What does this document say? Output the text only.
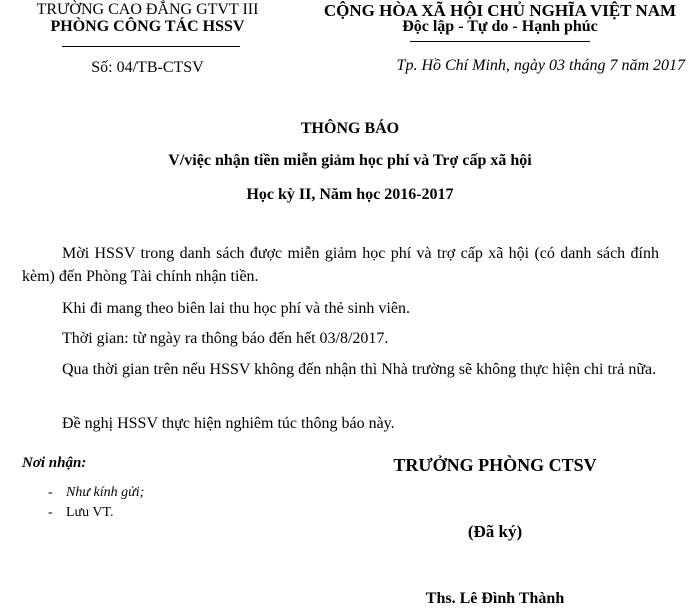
TRƯỜNG CAO ĐẲNG GTVT III
PHÒNG CÔNG TÁC HSSV
Số: 04/TB-CTSV
CỘNG HÒA XÃ HỘI CHỦ NGHĨA VIỆT NAM
Độc lập - Tự do - Hạnh phúc
Tp. Hồ Chí Minh, ngày 03 tháng 7 năm 2017
THÔNG BÁO
V/việc nhận tiền miễn giảm học phí và Trợ cấp xã hội
Học kỳ II, Năm học 2016-2017
Mời HSSV trong danh sách được miễn giảm học phí và trợ cấp xã hội (có danh sách đính kèm) đến Phòng Tài chính nhận tiền.
Khi đi mang theo biên lai thu học phí và thẻ sinh viên.
Thời gian: từ ngày ra thông báo đến hết 03/8/2017.
Qua thời gian trên nếu HSSV không đến nhận thì Nhà trường sẽ không thực hiện chi trả nữa.
Đề nghị HSSV thực hiện nghiêm túc thông báo này.
Nơi nhận:
- Như kính gửi;
- Lưu VT.
TRƯỞNG PHÒNG CTSV
(Đã ký)
Ths. Lê Đình Thành
